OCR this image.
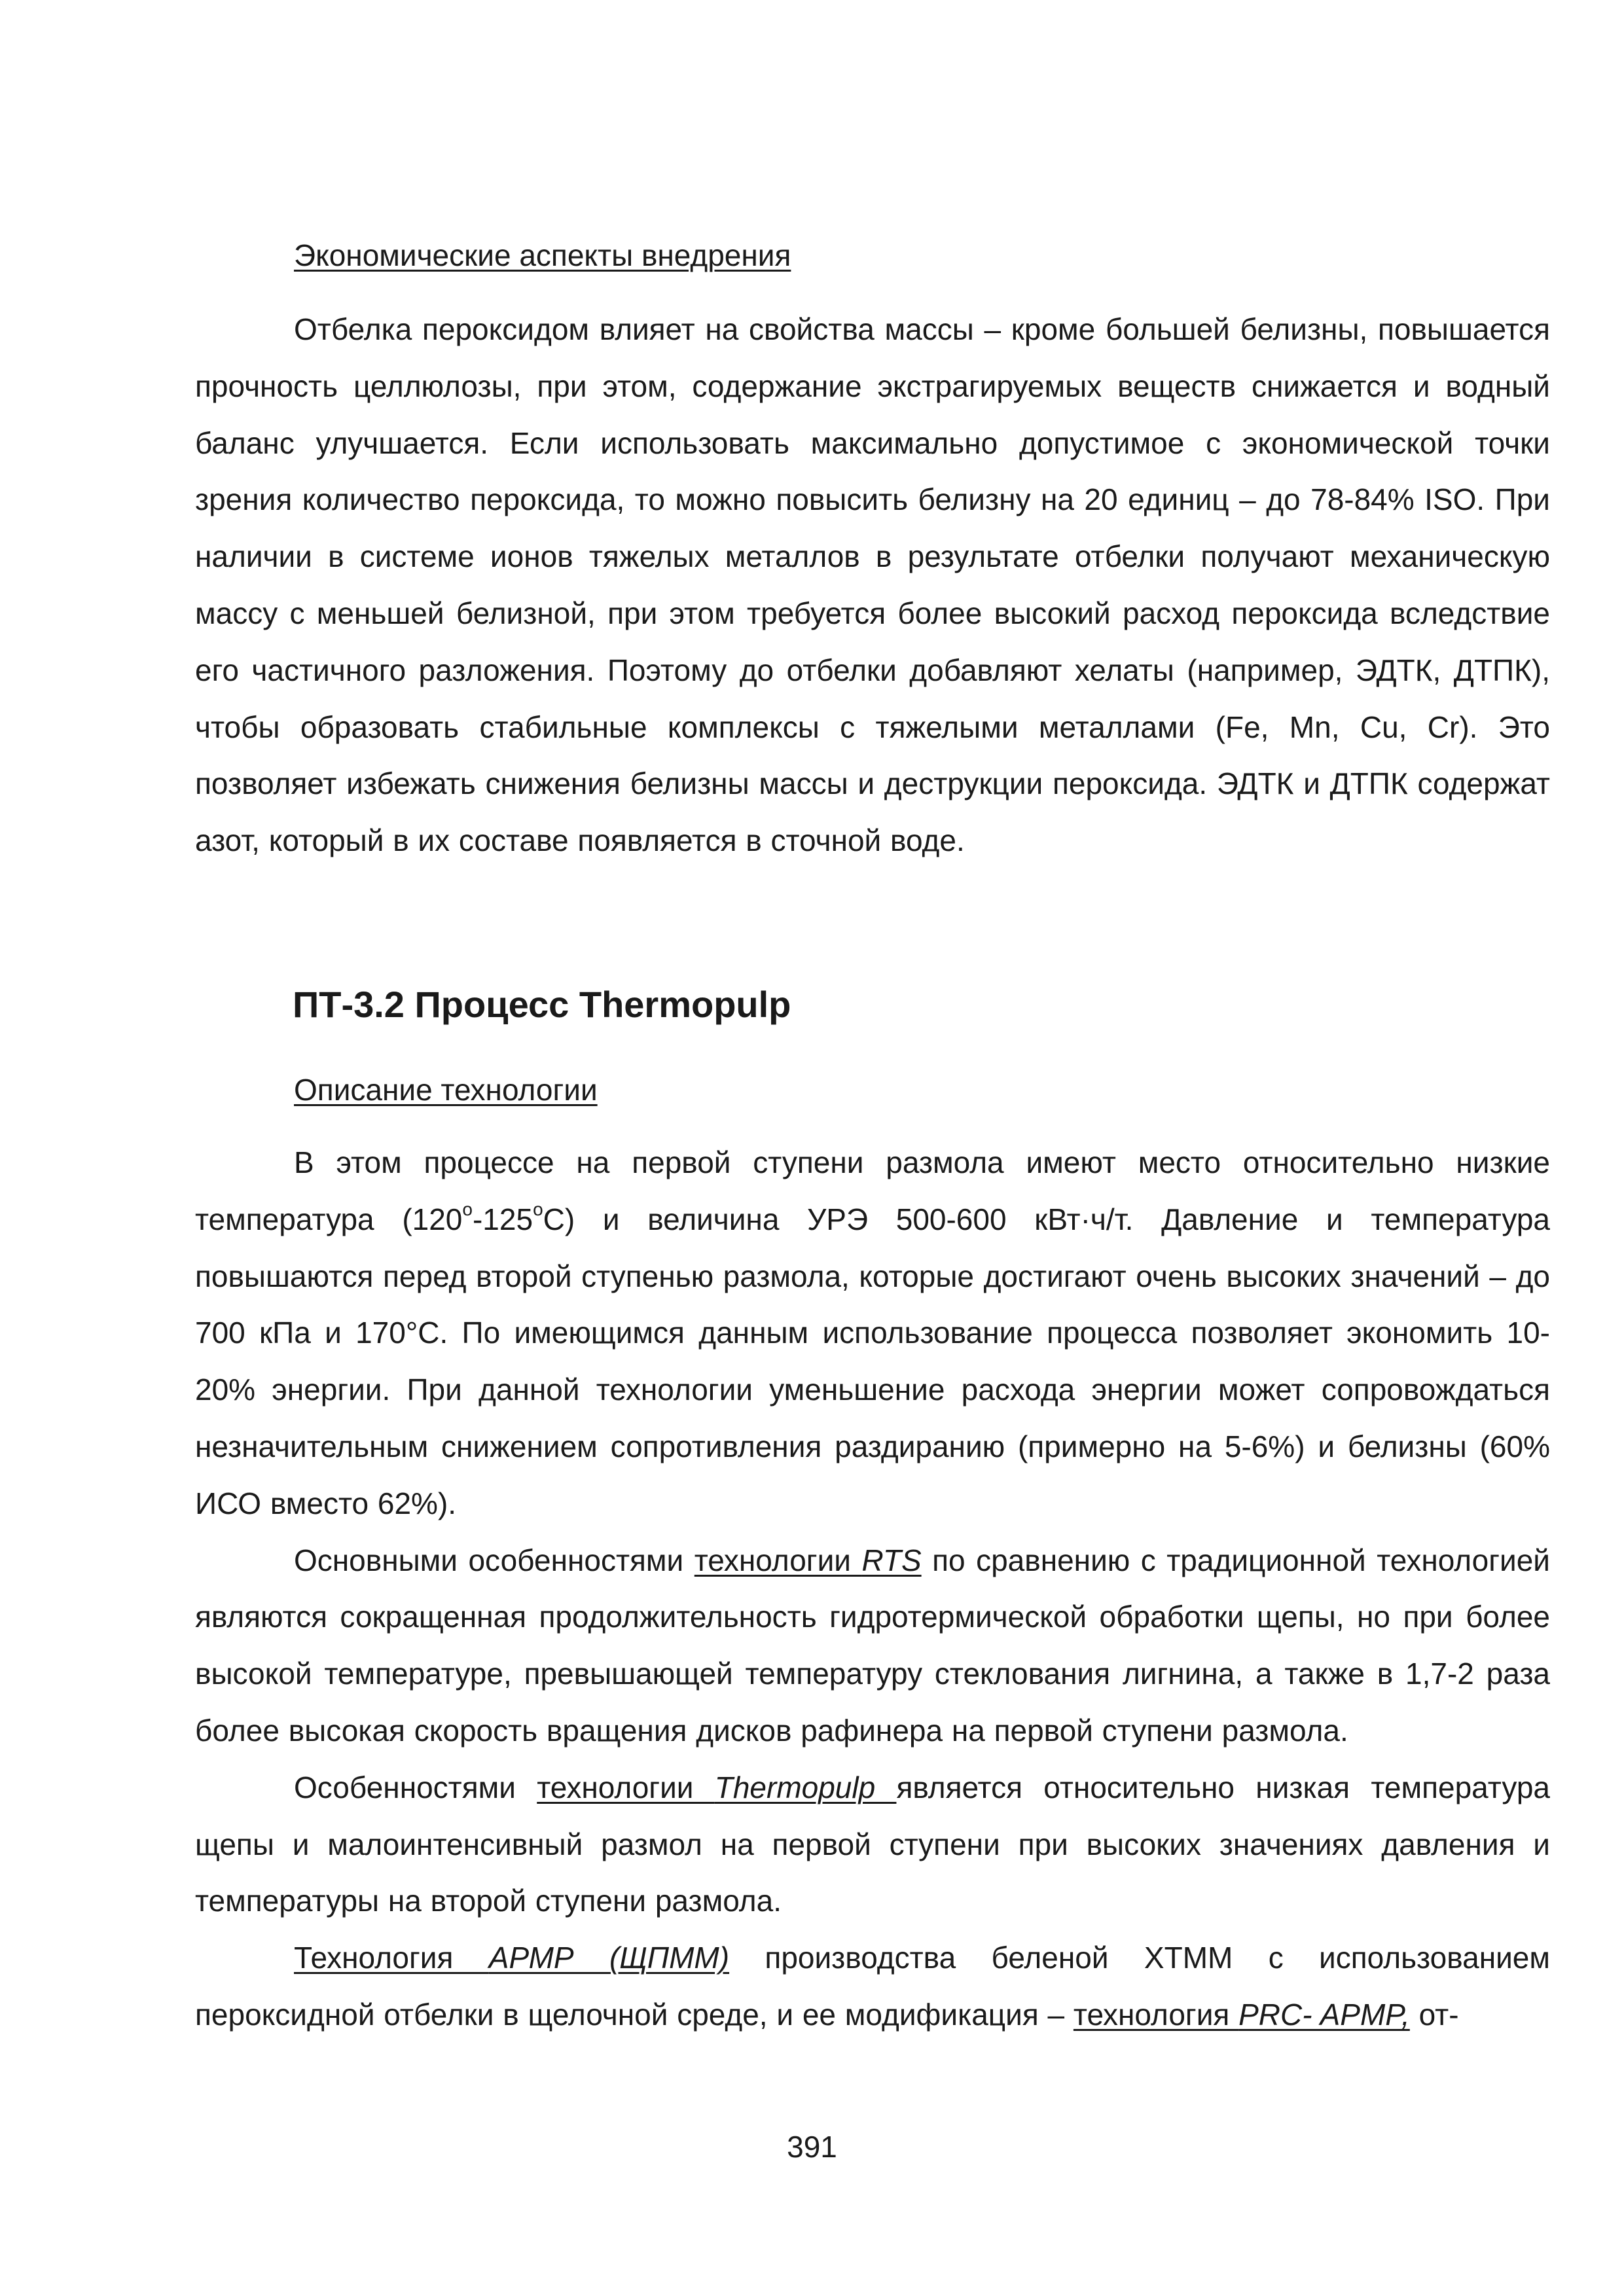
Экономические аспекты внедрения

Отбелка пероксидом влияет на свойства массы – кроме большей белизны, повышается прочность целлюлозы, при этом, содержание экстрагируемых веществ снижается и водный баланс улучшается. Если использовать максимально допустимое с экономической точки зрения количество пероксида, то можно повысить белизну на 20 единиц – до 78-84% ISO. При наличии в системе ионов тяжелых металлов в результате отбелки получают механическую массу с меньшей белизной, при этом требуется более высокий расход пероксида вследствие его частичного разложения. Поэтому до отбелки добавляют хелаты (например, ЭДТК, ДТПК), чтобы образовать стабильные комплексы с тяжелыми металлами (Fe, Mn, Cu, Cr). Это позволяет избежать снижения белизны массы и деструкции пероксида. ЭДТК и ДТПК содержат азот, который в их составе появляется в сточной воде.

ПТ-3.2 Процесс Thermopulp
Описание технологии

В этом процессе на первой ступени размола имеют место относительно низкие температура (120$^o$-125$^o$С) и величина УРЭ 500-600 кВт·ч/т. Давление и температура повышаются перед второй ступенью размола, которые достигают очень высоких значений – до 700 кПа и 170°С. По имеющимся данным использование процесса позволяет экономить 10-20% энергии. При данной технологии уменьшение расхода энергии может сопровождаться незначительным снижением сопротивления раздиранию (примерно на 5-6%) и белизны (60% ИСО вместо 62%).

Основными особенностями технологии RTS по сравнению с традиционной технологией являются сокращенная продолжительность гидротермической обработки щепы, но при более высокой температуре, превышающей температуру стеклования лигнина, а также в 1,7-2 раза более высокая скорость вращения дисков рафинера на первой ступени размола.

Особенностями технологии Thermopulp является относительно низкая температура щепы и малоинтенсивный размол на первой ступени при высоких значениях давления и температуры на второй ступени размола.

Технология АРМР (ЩПММ) производства беленой ХТММ с использованием пероксидной отбелки в щелочной среде, и ее модификация – технология PRC- APMP, от-

391
